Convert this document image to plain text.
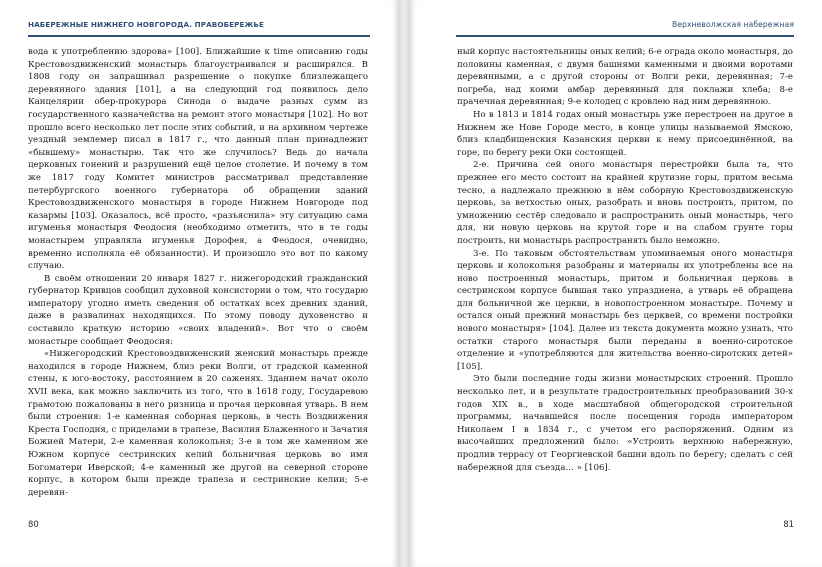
НАБЕРЕЖНЫЕ НИЖНЕГО НОВГОРОДА. ПРАВОБЕРЕЖЬЕ

вода к употреблению здорова» [100]. Ближайшие к time описанию годы Крестовоздвиженский монастырь благоустраивался и расширялся. В 1808 году он запрашивал разрешение о покупке близлежащего деревянного здания [101], а на следующий год появилось дело Канцелярии обер-прокурора Синода о выдаче разных сумм из государственного казначейства на ремонт этого монастыря [102]. Но вот прошло всего несколько лет после этих событий, и на архивном чертеже уездный землемер писал в 1817 г., что данный план принадлежит «бывшему» монастырю. Так что же случилось? Ведь до начала церковных гонений и разрушений ещё целое столетие. И почему в том же 1817 году Комитет министров рассматривал представление петербургского военного губернатора об обращении зданий Крестовоздвиженского монастыря в городе Нижнем Новгороде под казармы [103]. Оказалось, всё просто, «разъяснила» эту ситуацию сама игуменья монастыря Феодосия (необходимо отметить, что в те годы монастырем управляла игуменья Дорофея, а Феодося, очевидно, временно исполняла её обязанности). И произошло это вот по какому случаю.

В своём отношении 20 января 1827 г. нижегородский гражданский губернатор Кривцов сообщил духовной консистории о том, что государю императору угодно иметь сведения об остатках всех древних зданий, даже в развалинах находящихся. По этому поводу духовенство и составило краткую историю «своих владений». Вот что о своём монастыре сообщает Феодосия:

«Нижегородский Крестовоздвиженский женский монастырь прежде находился в городе Нижнем, близ реки Волги, от градской каменной стены, к юго-востоку, расстоянием в 20 саженях. Зданием начат около XVII века, как можно заключить из того, что в 1618 году, Государевою грамотою пожалованы в него ризница и прочая церковная утварь. В нем были строения: 1-е каменная соборная церковь, в честь Воздвижения Креста Господня, с приделами в трапезе, Василия Блаженного и Зачатия Божией Матери, 2-е каменная колокольня; 3-е в том же каменном же Южном корпусе сестринских келий больничная церковь во имя Богоматери Иверской; 4-е каменный же другой на северной стороне корпус, в котором были прежде трапеза и сестринские келии; 5-е деревян-

80
Верхневолжская набережная

ный корпус настоятельницы оных келий; 6-е ограда около монастыря, до половины каменная, с двумя башнями каменными и двоими воротами деревянными, а с другой стороны от Волги реки, деревянная; 7-е погреба, над коими амбар деревянный для поклажи хлеба; 8-е прачечная деревянная; 9-е колодец с кровлею над ним деревянною.

Но в 1813 и 1814 годах оный монастырь уже перестроен на другое в Нижнем же Нове Городе место, в конце улицы называемой Ямскою, близ кладбищенския Казанския церкви к нему присоединённой, на горе, по берегу реки Оки состоящей.

2-е. Причина сей оного монастыря перестройки была та, что прежнее его место состоит на крайней крутизне горы, притом весьма тесно, а надлежало прежнюю в нём соборную Крестовоздвиженскую церковь, за ветхостью оных, разобрать и вновь построить, притом, по умножению сестёр следовало и распространить оный монастырь, чего для, ни новую церковь на крутой горе и на слабом грунте горы построить, ни монастырь распространять было неможно.

3-е. По таковым обстоятельствам упоминаемыя оного монастыря церковь и колокольня разобраны и материалы их употреблены все на ново построенный монастырь, притом и больничная церковь в сестринском корпусе бывшая тако упразднена, а утварь её обращена для больничной же церкви, в новопостроенном монастыре. Почему и остался оный прежний монастырь без церквей, со времени постройки нового монастыря» [104]. Далее из текста документа можно узнать, что остатки старого монастыря были переданы в военно-сиротское отделение и «употребляются для жительства военно-сиротских детей» [105].

Это были последние годы жизни монастырских строений. Прошло несколько лет, и в результате градостроительных преобразований 30-х годов XIX в., в ходе масштабной общегородской строительной программы, начавшейся после посещения города императором Николаем I в 1834 г., с учетом его распоряжений. Одним из высочайших предложений было: «Устроить верхнюю набережную, продлив террасу от Георгиевской башни вдоль по берегу; сделать с сей набережной для съезда… » [106].

81
